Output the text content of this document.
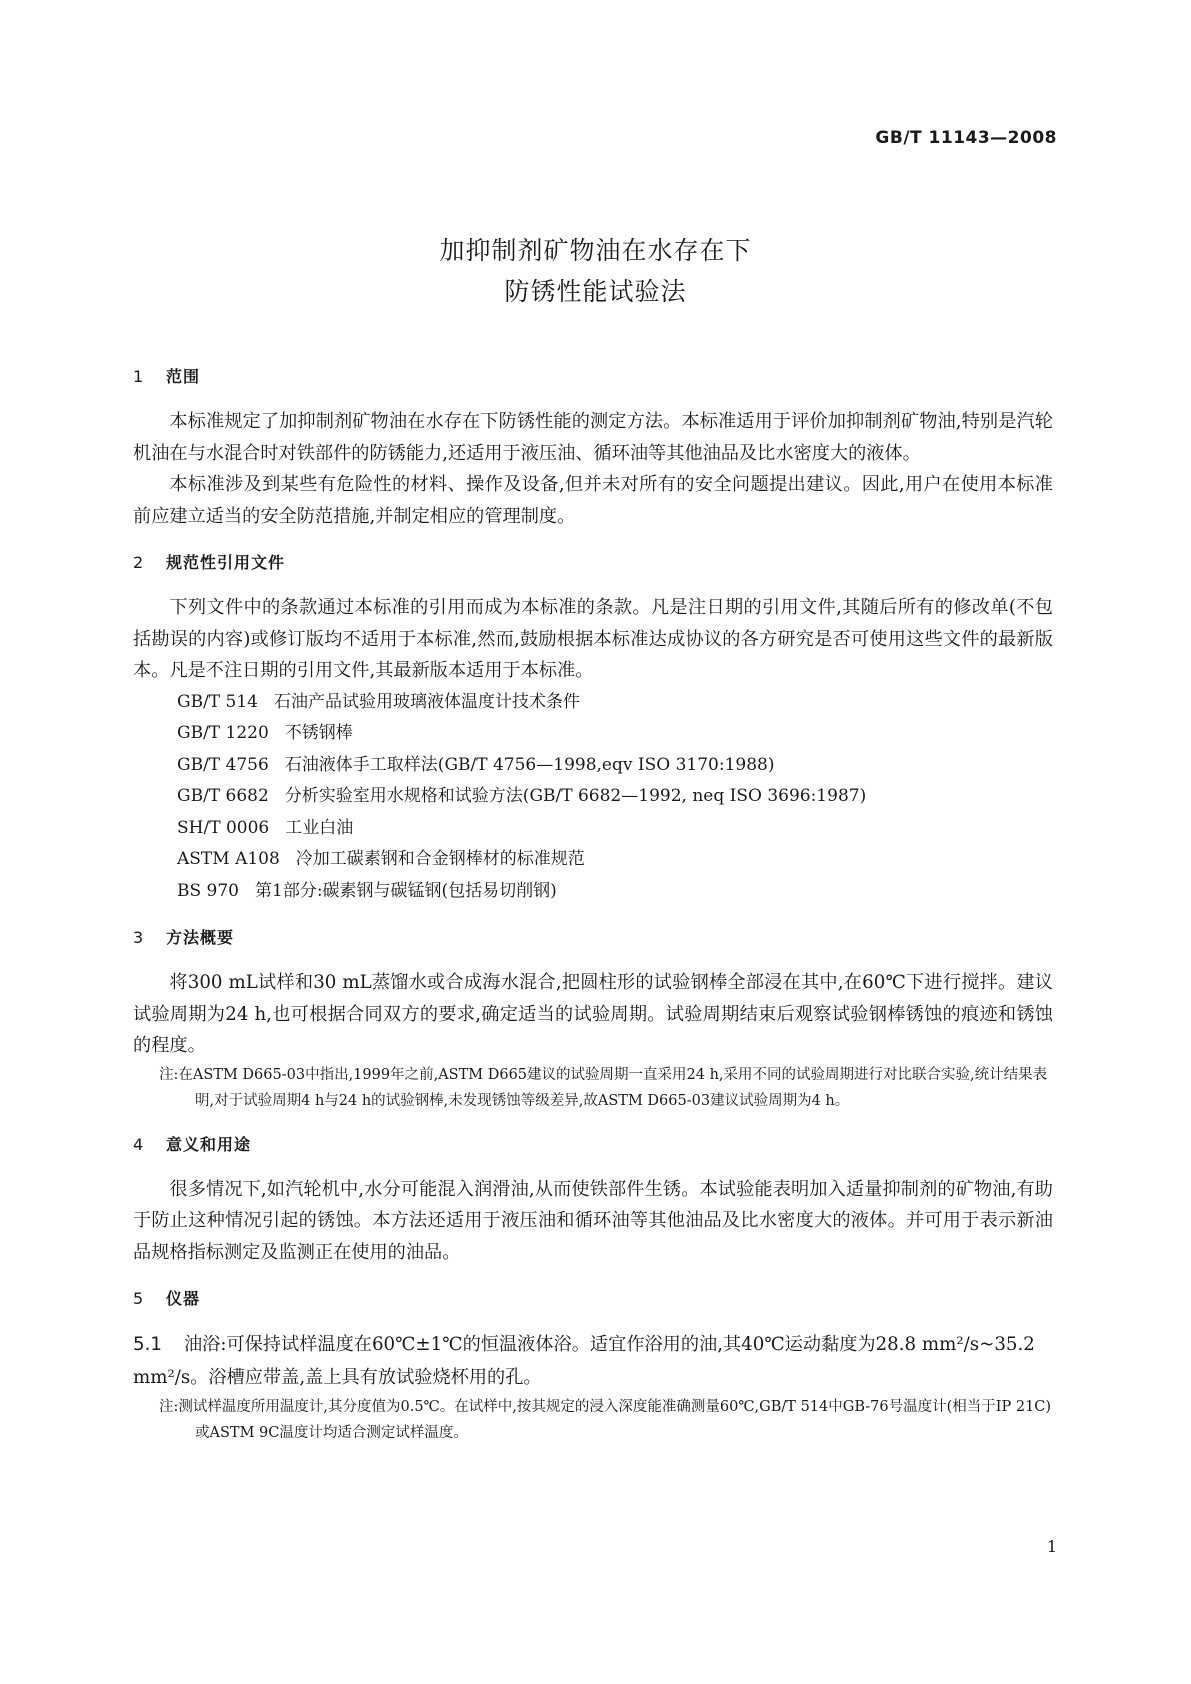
GB/T 11143—2008
加抑制剂矿物油在水存在下
防锈性能试验法
1 范围

本标准规定了加抑制剂矿物油在水存在下防锈性能的测定方法。本标准适用于评价加抑制剂矿物油,特别是汽轮机油在与水混合时对铁部件的防锈能力,还适用于液压油、循环油等其他油品及比水密度大的液体。

本标准涉及到某些有危险性的材料、操作及设备,但并未对所有的安全问题提出建议。因此,用户在使用本标准前应建立适当的安全防范措施,并制定相应的管理制度。

2 规范性引用文件

下列文件中的条款通过本标准的引用而成为本标准的条款。凡是注日期的引用文件,其随后所有的修改单(不包括勘误的内容)或修订版均不适用于本标准,然而,鼓励根据本标准达成协议的各方研究是否可使用这些文件的最新版本。凡是不注日期的引用文件,其最新版本适用于本标准。

GB/T 514 石油产品试验用玻璃液体温度计技术条件

GB/T 1220 不锈钢棒

GB/T 4756 石油液体手工取样法(GB/T 4756—1998,eqv ISO 3170:1988)

GB/T 6682 分析实验室用水规格和试验方法(GB/T 6682—1992, neq ISO 3696:1987)

SH/T 0006 工业白油

ASTM A108 冷加工碳素钢和合金钢棒材的标准规范

BS 970 第1部分:碳素钢与碳锰钢(包括易切削钢)

3 方法概要

将300 mL试样和30 mL蒸馏水或合成海水混合,把圆柱形的试验钢棒全部浸在其中,在60℃下进行搅拌。建议试验周期为24 h,也可根据合同双方的要求,确定适当的试验周期。试验周期结束后观察试验钢棒锈蚀的痕迹和锈蚀的程度。

注:在ASTM D665-03中指出,1999年之前,ASTM D665建议的试验周期一直采用24 h,采用不同的试验周期进行对比联合实验,统计结果表明,对于试验周期4 h与24 h的试验钢棒,未发现锈蚀等级差异,故ASTM D665-03建议试验周期为4 h。

4 意义和用途

很多情况下,如汽轮机中,水分可能混入润滑油,从而使铁部件生锈。本试验能表明加入适量抑制剂的矿物油,有助于防止这种情况引起的锈蚀。本方法还适用于液压油和循环油等其他油品及比水密度大的液体。并可用于表示新油品规格指标测定及监测正在使用的油品。

5 仪器

5.1 油浴:可保持试样温度在60℃±1℃的恒温液体浴。适宜作浴用的油,其40℃运动黏度为28.8 mm²/s~35.2 mm²/s。浴槽应带盖,盖上具有放试验烧杯用的孔。

注:测试样温度所用温度计,其分度值为0.5℃。在试样中,按其规定的浸入深度能准确测量60℃,GB/T 514中GB-76号温度计(相当于IP 21C)或ASTM 9C温度计均适合测定试样温度。

1
